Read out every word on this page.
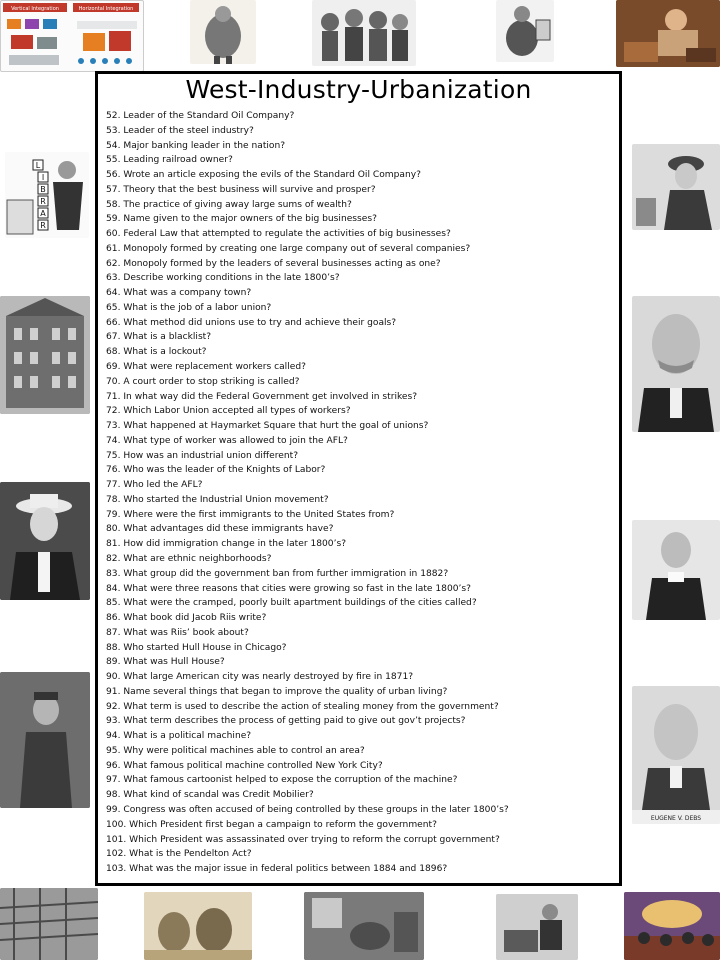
Vertical Integration	Horizontal Integration
L
I
B
R
A
R
EUGENE V. DEBS
West-Industry-Urbanization
52. Leader of the Standard Oil Company?
53. Leader of the steel industry?
54. Major banking leader in the nation?
55. Leading railroad owner?
56. Wrote an article exposing the evils of the Standard Oil Company?
57. Theory that the best business will survive and prosper?
58. The practice of giving away large sums of wealth?
59. Name given to the major owners of the big businesses?
60. Federal Law that attempted to regulate the activities of big businesses?
61. Monopoly formed by creating one large company out of several companies?
62. Monopoly formed by the leaders of several businesses acting as one?
63. Describe working conditions in the late 1800’s?
64. What was a company town?
65. What is the job of a labor union?
66. What method did unions use to try and achieve their goals?
67. What is a blacklist?
68. What is a lockout?
69. What were replacement workers called?
70. A court order to stop striking is called?
71. In what way did the Federal Government get involved in strikes?
72. Which Labor Union accepted all types of workers?
73. What happened at Haymarket Square that hurt the goal of unions?
74. What type of worker was allowed to join the AFL?
75. How was an industrial union different?
76. Who was the leader of the Knights of Labor?
77. Who led the AFL?
78. Who started the Industrial Union movement?
79. Where were the first immigrants to the United States from?
80. What advantages did these immigrants have?
81. How did immigration change in the later 1800’s?
82. What are ethnic neighborhoods?
83. What group did the government ban from further immigration in 1882?
84. What were three reasons that cities were growing so fast in the late 1800’s?
85. What were the cramped, poorly built apartment buildings of the cities called?
86. What book did Jacob Riis write?
87. What was Riis’ book about?
88. Who started Hull House in Chicago?
89. What was Hull House?
90. What large American city was nearly destroyed by fire in 1871?
91. Name several things that began to improve the quality of urban living?
92. What term is used to describe the action of stealing money from the government?
93. What term describes the process of getting paid to give out gov’t projects?
94. What is a political machine?
95. Why were political machines able to control an area?
96. What famous political machine controlled New York City?
97. What famous cartoonist helped to expose the corruption of the machine?
98. What kind of scandal was Credit Mobilier?
99. Congress was often accused of being controlled by these groups in the later 1800’s?
100. Which President first began a campaign to reform the government?
101. Which President was assassinated over trying to reform the corrupt government?
102. What is the Pendelton Act?
103. What was the major issue in federal politics between 1884 and 1896?
